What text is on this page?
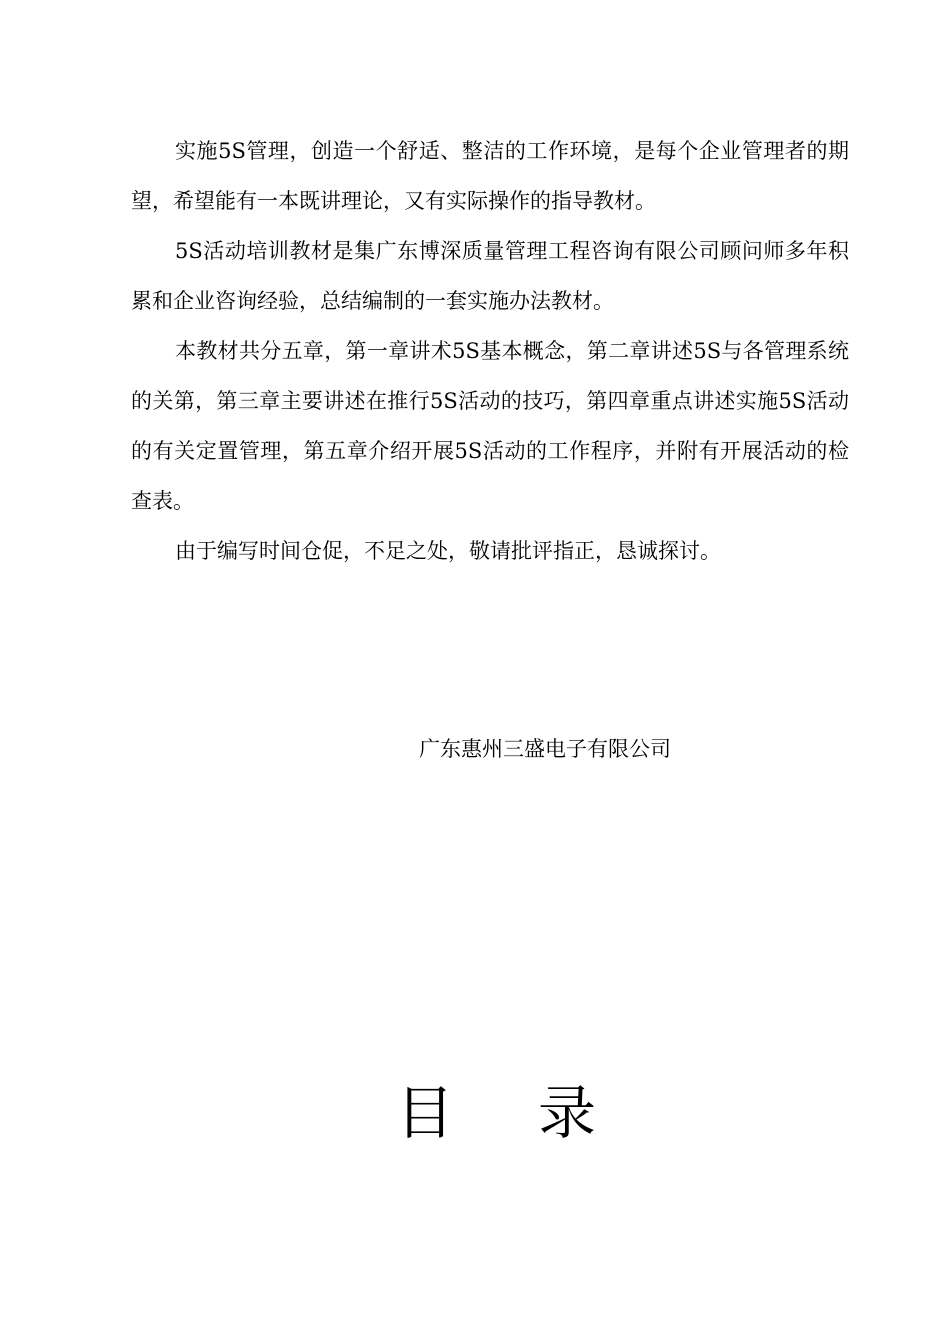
实施5S管理，创造一个舒适、整洁的工作环境，是每个企业管理者的期望，希望能有一本既讲理论，又有实际操作的指导教材。

5S活动培训教材是集广东博深质量管理工程咨询有限公司顾问师多年积累和企业咨询经验，总结编制的一套实施办法教材。

本教材共分五章，第一章讲术5S基本概念，第二章讲述5S与各管理系统的关第，第三章主要讲述在推行5S活动的技巧，第四章重点讲述实施5S活动的有关定置管理，第五章介绍开展5S活动的工作程序，并附有开展活动的检查表。

由于编写时间仓促，不足之处，敬请批评指正，恳诚探讨。

广东惠州三盛电子有限公司
目 录
